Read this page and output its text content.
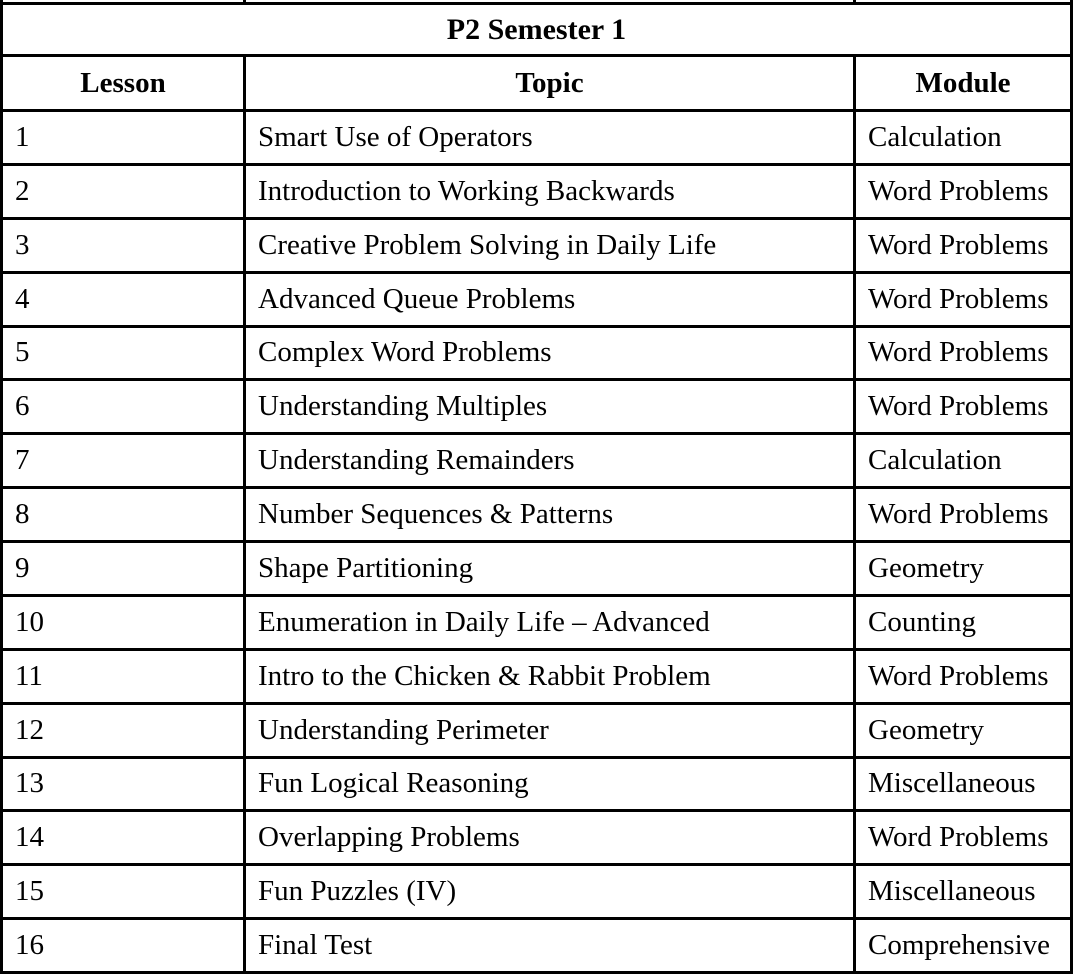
P2 Semester 1
Lesson	Topic	Module
1	Smart Use of Operators	Calculation
2	Introduction to Working Backwards	Word Problems
3	Creative Problem Solving in Daily Life	Word Problems
4	Advanced Queue Problems	Word Problems
5	Complex Word Problems	Word Problems
6	Understanding Multiples	Word Problems
7	Understanding Remainders	Calculation
8	Number Sequences & Patterns	Word Problems
9	Shape Partitioning	Geometry
10	Enumeration in Daily Life – Advanced	Counting
11	Intro to the Chicken & Rabbit Problem	Word Problems
12	Understanding Perimeter	Geometry
13	Fun Logical Reasoning	Miscellaneous
14	Overlapping Problems	Word Problems
15	Fun Puzzles (IV)	Miscellaneous
16	Final Test	Comprehensive
